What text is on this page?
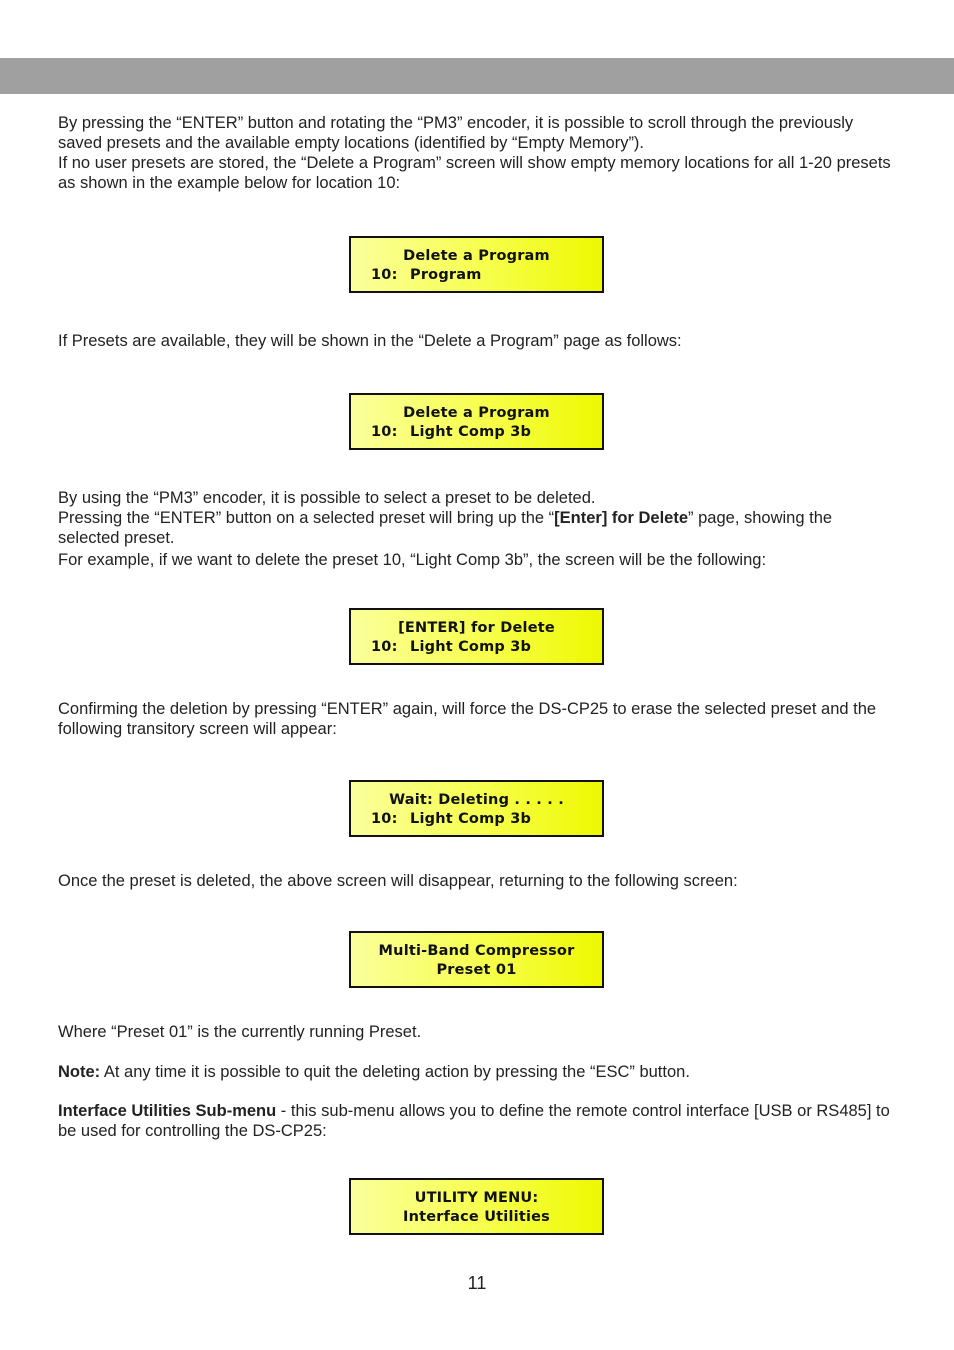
By pressing the “ENTER” button and rotating the “PM3” encoder, it is possible to scroll through the previously saved presets and the available empty locations (identified by “Empty Memory”).

If no user presets are stored, the “Delete a Program” screen will show empty memory locations for all 1-20 presets as shown in the example below for location 10:

Delete a Program
10: Program

If Presets are available, they will be shown in the “Delete a Program” page as follows:

Delete a Program
10: Light Comp 3b

By using the “PM3” encoder, it is possible to select a preset to be deleted.

Pressing the “ENTER” button on a selected preset will bring up the “[Enter] for Delete” page, showing the selected preset.

For example, if we want to delete the preset 10, “Light Comp 3b”, the screen will be the following:

[ENTER] for Delete
10: Light Comp 3b

Confirming the deletion by pressing “ENTER” again, will force the DS-CP25 to erase the selected preset and the following transitory screen will appear:

Wait: Deleting . . . . .
10: Light Comp 3b

Once the preset is deleted, the above screen will disappear, returning to the following screen:

Multi-Band Compressor
Preset 01

Where “Preset 01” is the currently running Preset.

Note: At any time it is possible to quit the deleting action by pressing the “ESC” button.

Interface Utilities Sub-menu - this sub-menu allows you to define the remote control interface [USB or RS485] to be used for controlling the DS-CP25:

UTILITY MENU:
Interface Utilities
11
